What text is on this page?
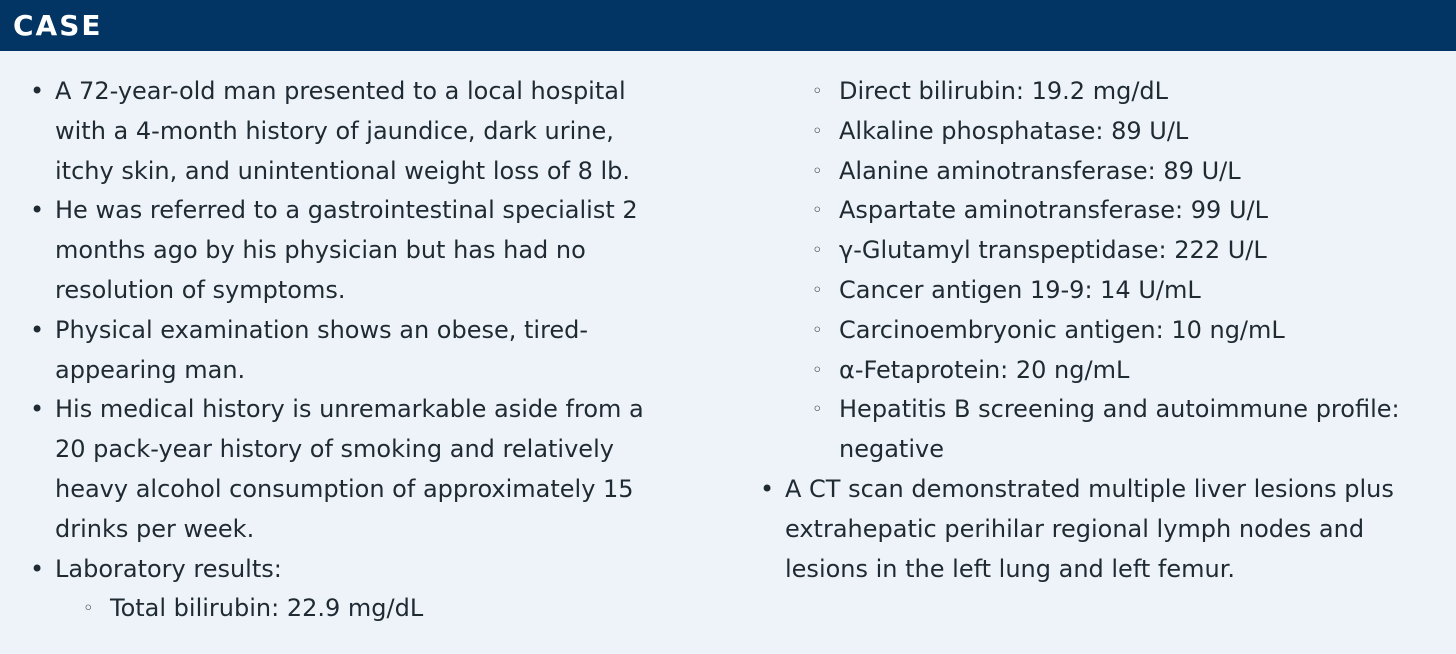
CASE
• A 72-year-old man presented to a local hospital with a 4-month history of jaundice, dark urine, itchy skin, and unintentional weight loss of 8 lb.
• He was referred to a gastrointestinal specialist 2 months ago by his physician but has had no resolution of symptoms.
• Physical examination shows an obese, tired-appearing man.
• His medical history is unremarkable aside from a 20 pack-year history of smoking and relatively heavy alcohol consumption of approximately 15 drinks per week.
• Laboratory results:
◦ Total bilirubin: 22.9 mg/dL
◦ Direct bilirubin: 19.2 mg/dL
◦ Alkaline phosphatase: 89 U/L
◦ Alanine aminotransferase: 89 U/L
◦ Aspartate aminotransferase: 99 U/L
◦ γ-Glutamyl transpeptidase: 222 U/L
◦ Cancer antigen 19-9: 14 U/mL
◦ Carcinoembryonic antigen: 10 ng/mL
◦ α-Fetaprotein: 20 ng/mL
◦ Hepatitis B screening and autoimmune profile: negative
• A CT scan demonstrated multiple liver lesions plus extrahepatic perihilar regional lymph nodes and lesions in the left lung and left femur.
